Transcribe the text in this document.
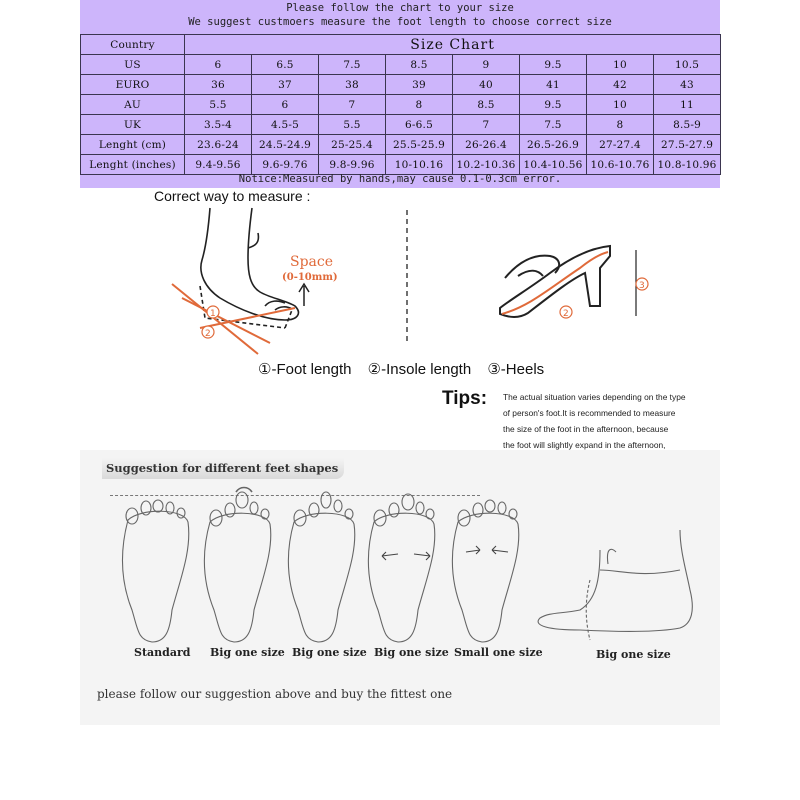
Please follow the chart to your size
We suggest custmoers measure the foot length to choose correct size
Country	Size Chart							
US	6	6.5	7.5	8.5	9	9.5	10	10.5
EURO	36	37	38	39	40	41	42	43
AU	5.5	6	7	8	8.5	9.5	10	11
UK	3.5-4	4.5-5	5.5	6-6.5	7	7.5	8	8.5-9
Lenght (cm)	23.6-24	24.5-24.9	25-25.4	25.5-25.9	26-26.4	26.5-26.9	27-27.4	27.5-27.9
Lenght (inches)	9.4-9.56	9.6-9.76	9.8-9.96	10-10.16	10.2-10.36	10.4-10.56	10.6-10.76	10.8-10.96
Notice:Measured by hands,may cause 0.1-0.3cm error.
Correct way to measure :
1
2
Space
(0-10mm)
3
2
①-Foot length ②-Insole length ③-Heels
Tips: The actual situation varies depending on the type
of person's foot.It is recommended to measure
the size of the foot in the afternoon, because
the foot will slightly expand in the afternoon,
Suggestion for different feet shapes
Standard Big one size Big one size Big one size Small one size	Big one size
please follow our suggestion above and buy the fittest one
